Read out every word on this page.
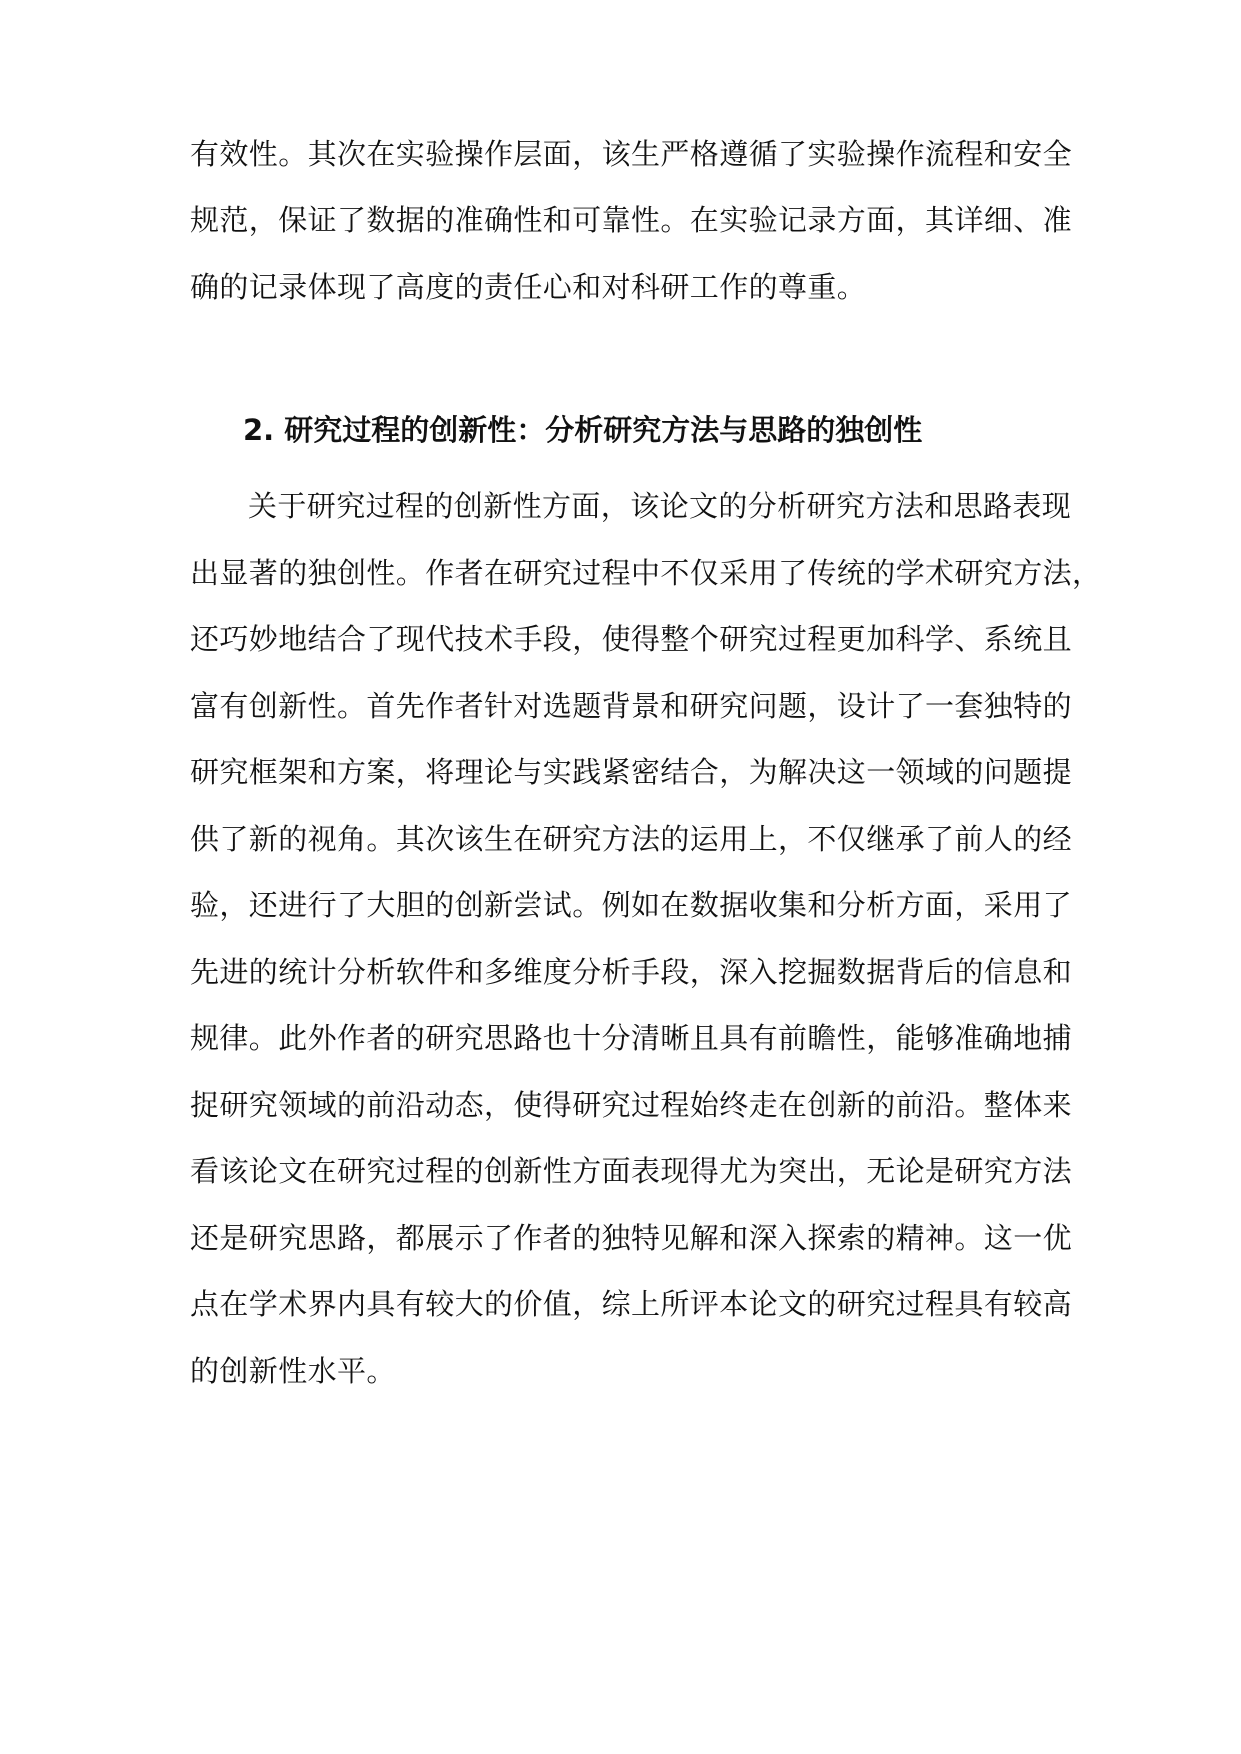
有效性。其次在实验操作层面，该生严格遵循了实验操作流程和安全
规范，保证了数据的准确性和可靠性。在实验记录方面，其详细、准
确的记录体现了高度的责任心和对科研工作的尊重。
2. 研究过程的创新性：分析研究方法与思路的独创性
关于研究过程的创新性方面，该论文的分析研究方法和思路表现
出显著的独创性。作者在研究过程中不仅采用了传统的学术研究方法，
还巧妙地结合了现代技术手段，使得整个研究过程更加科学、系统且
富有创新性。首先作者针对选题背景和研究问题，设计了一套独特的
研究框架和方案，将理论与实践紧密结合，为解决这一领域的问题提
供了新的视角。其次该生在研究方法的运用上，不仅继承了前人的经
验，还进行了大胆的创新尝试。例如在数据收集和分析方面，采用了
先进的统计分析软件和多维度分析手段，深入挖掘数据背后的信息和
规律。此外作者的研究思路也十分清晰且具有前瞻性，能够准确地捕
捉研究领域的前沿动态，使得研究过程始终走在创新的前沿。整体来
看该论文在研究过程的创新性方面表现得尤为突出，无论是研究方法
还是研究思路，都展示了作者的独特见解和深入探索的精神。这一优
点在学术界内具有较大的价值，综上所评本论文的研究过程具有较高
的创新性水平。
